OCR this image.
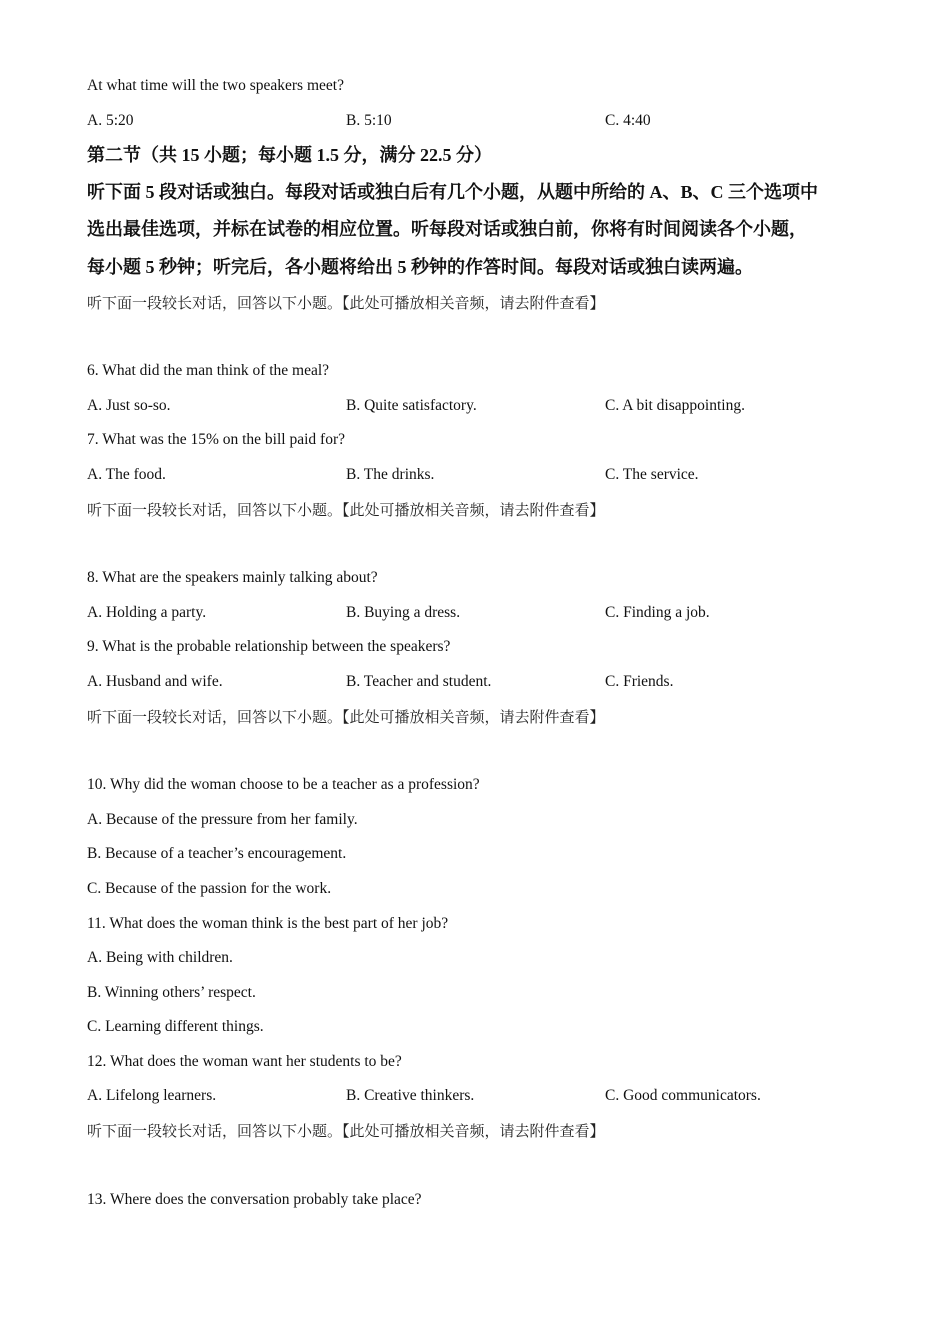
At what time will the two speakers meet?
A. 5:20	B. 5:10	C. 4:40
第二节（共 15 小题；每小题 1.5 分，满分 22.5 分）
听下面 5 段对话或独白。每段对话或独白后有几个小题，从题中所给的 A、B、C 三个选项中
选出最佳选项，并标在试卷的相应位置。听每段对话或独白前，你将有时间阅读各个小题，
每小题 5 秒钟；听完后，各小题将给出 5 秒钟的作答时间。每段对话或独白读两遍。
听下面一段较长对话，回答以下小题。【此处可播放相关音频，请去附件查看】
6. What did the man think of the meal?
A. Just so-so.	B. Quite satisfactory.	C. A bit disappointing.
7. What was the 15% on the bill paid for?
A. The food.	B. The drinks.	C. The service.
听下面一段较长对话，回答以下小题。【此处可播放相关音频，请去附件查看】
8. What are the speakers mainly talking about?
A. Holding a party.	B. Buying a dress.	C. Finding a job.
9. What is the probable relationship between the speakers?
A. Husband and wife.	B. Teacher and student.	C. Friends.
听下面一段较长对话，回答以下小题。【此处可播放相关音频，请去附件查看】
10. Why did the woman choose to be a teacher as a profession?
A. Because of the pressure from her family.
B. Because of a teacher’s encouragement.
C. Because of the passion for the work.
11. What does the woman think is the best part of her job?
A. Being with children.
B. Winning others’ respect.
C. Learning different things.
12. What does the woman want her students to be?
A. Lifelong learners.	B. Creative thinkers.	C. Good communicators.
听下面一段较长对话，回答以下小题。【此处可播放相关音频，请去附件查看】
13. Where does the conversation probably take place?
